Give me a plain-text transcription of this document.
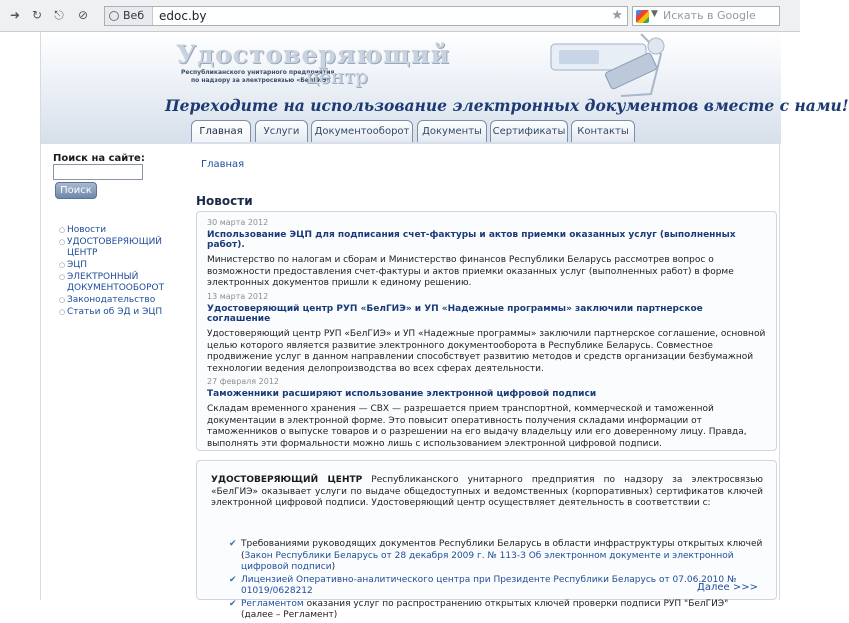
➜ ↻ ⎋ ⊘	Веб	edoc.by	★	▼ Искать в Google
Удостоверяющий
Республиканского унитарного предприятия
по надзору за электросвязью «БелГИЭ»
центр
Переходите на использование электронных документов вместе с нами!
Главная	Услуги	Документооборот	Документы	Сертификаты	Контакты
Поиск на сайте:
Поиск
○ Новости
○ УДОСТОВЕРЯЮЩИЙ ЦЕНТР
○ ЭЦП
○ ЭЛЕКТРОННЫЙ ДОКУМЕНТООБОРОТ
○ Законодательство
○ Статьи об ЭД и ЭЦП
Главная
Новости
30 марта 2012
Использование ЭЦП для подписания счет-фактуры и актов приемки оказанных услуг (выполненных работ).
Министерство по налогам и сборам и Министерство финансов Республики Беларусь рассмотрев вопрос о возможности предоставления счет-фактуры и актов приемки оказанных услуг (выполненных работ) в форме электронных документов пришли к единому решению.
13 марта 2012
Удостоверяющий центр РУП «БелГИЭ» и УП «Надежные программы» заключили партнерское соглашение
Удостоверяющий центр РУП «БелГИЭ» и УП «Надежные программы» заключили партнерское соглашение, основной целью которого является развитие электронного документооборота в Республике Беларусь. Совместное продвижение услуг в данном направлении способствует развитию методов и средств организации безбумажной технологии ведения делопроизводства во всех сферах деятельности.
27 февраля 2012
Таможенники расширяют использование электронной цифровой подписи
Складам временного хранения — СВХ — разрешается прием транспортной, коммерческой и таможенной документации в электронной форме. Это повысит оперативность получения складами информации от таможенников о выпуске товаров и о разрешении на его выдачу владельцу или его доверенному лицу. Правда, выполнять эти формальности можно лишь с использованием электронной цифровой подписи.
УДОСТОВЕРЯЮЩИЙ ЦЕНТР Республиканского унитарного предприятия по надзору за электросвязью «БелГИЭ» оказывает услуги по выдаче общедоступных и ведомственных (корпоративных) сертификатов ключей электронной цифровой подписи. Удостоверяющий центр осуществляет деятельность в соответствии с:
✔ Требованиями руководящих документов Республики Беларусь в области инфраструктуры открытых ключей (Закон Республики Беларусь от 28 декабря 2009 г. № 113-З Об электронном документе и электронной цифровой подписи)
✔ Лицензией Оперативно-аналитического центра при Президенте Республики Беларусь от 07.06.2010 № 01019/0628212
✔ Регламентом оказания услуг по распространению открытых ключей проверки подписи РУП "БелГИЭ" (далее – Регламент)
Далее >>>
